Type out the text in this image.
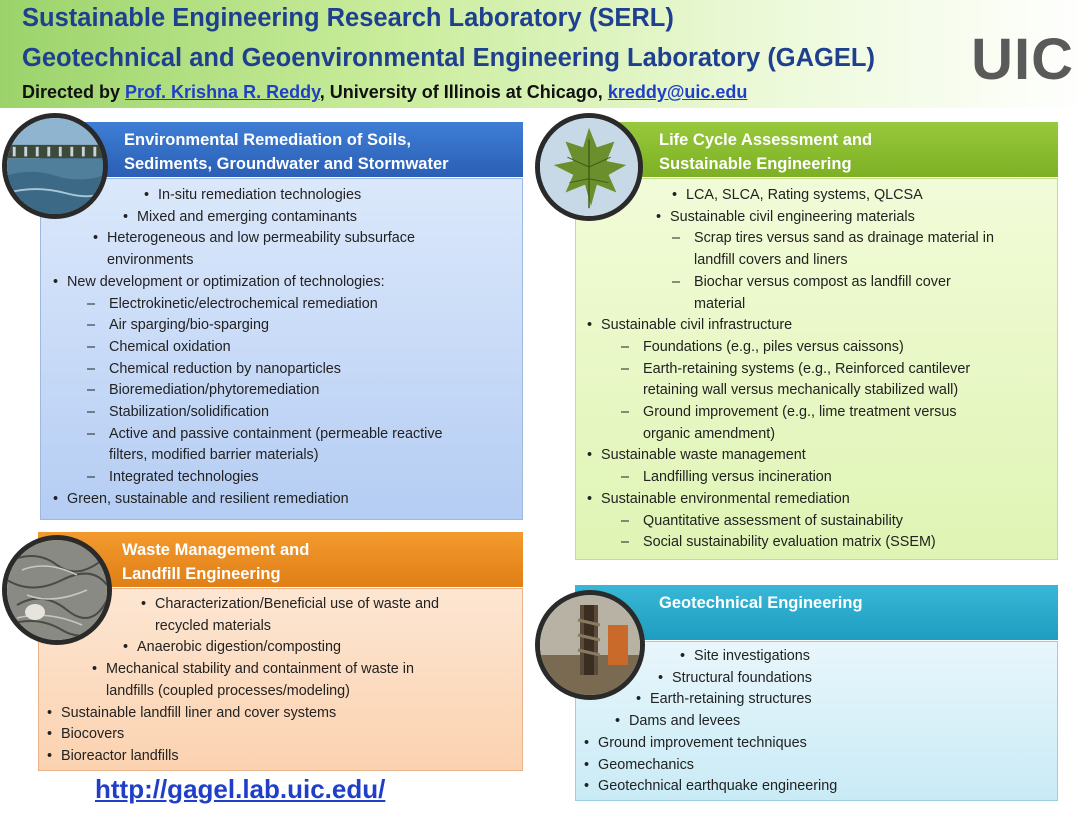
Sustainable Engineering Research Laboratory (SERL)
Geotechnical and Geoenvironmental Engineering Laboratory (GAGEL)
Directed by Prof. Krishna R. Reddy, University of Illinois at Chicago, kreddy@uic.edu	UIC
Environmental Remediation of Soils,
Sediments, Groundwater and Stormwater
• In-situ remediation technologies
• Mixed and emerging contaminants
• Heterogeneous and low permeability subsurface
environments
• New development or optimization of technologies:
– Electrokinetic/electrochemical remediation
– Air sparging/bio-sparging
– Chemical oxidation
– Chemical reduction by nanoparticles
– Bioremediation/phytoremediation
– Stabilization/solidification
– Active and passive containment (permeable reactive
filters, modified barrier materials)
– Integrated technologies
• Green, sustainable and resilient remediation
Life Cycle Assessment and
Sustainable Engineering
• LCA, SLCA, Rating systems, QLCSA
• Sustainable civil engineering materials
– Scrap tires versus sand as drainage material in
landfill covers and liners
– Biochar versus compost as landfill cover
material
• Sustainable civil infrastructure
– Foundations (e.g., piles versus caissons)
– Earth-retaining systems (e.g., Reinforced cantilever
retaining wall versus mechanically stabilized wall)
– Ground improvement (e.g., lime treatment versus
organic amendment)
• Sustainable waste management
– Landfilling versus incineration
• Sustainable environmental remediation
– Quantitative assessment of sustainability
– Social sustainability evaluation matrix (SSEM)
Waste Management and
Landfill Engineering
• Characterization/Beneficial use of waste and
recycled materials
• Anaerobic digestion/composting
• Mechanical stability and containment of waste in
landfills (coupled processes/modeling)
• Sustainable landfill liner and cover systems
• Biocovers
• Bioreactor landfills
Geotechnical Engineering
• Site investigations
• Structural foundations
• Earth-retaining structures
• Dams and levees
• Ground improvement techniques
• Geomechanics
• Geotechnical earthquake engineering
http://gagel.lab.uic.edu/
